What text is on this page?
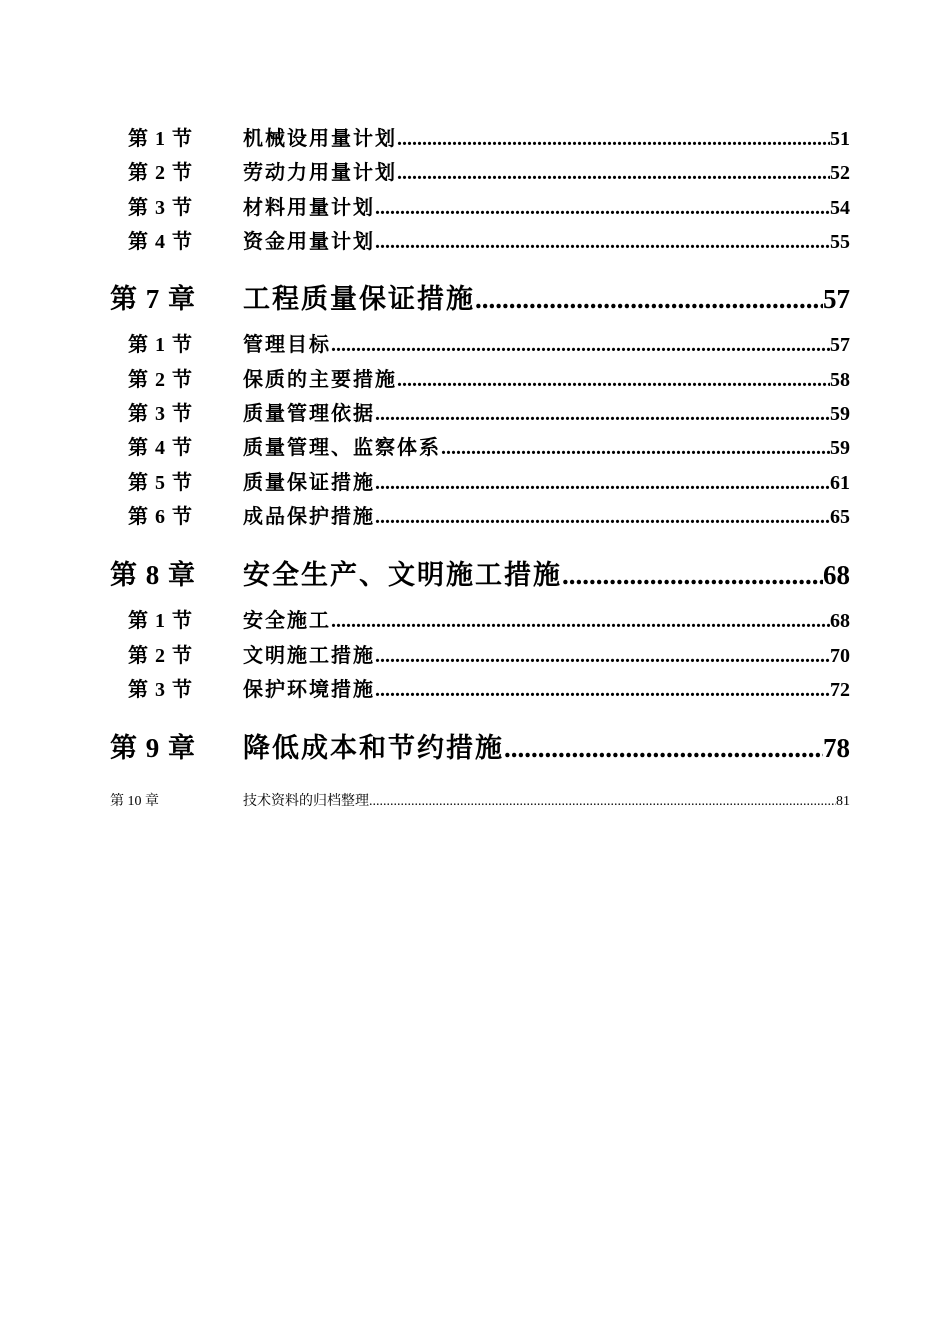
第 1 节	机械设用量计划 .....	51
第 2 节	劳动力用量计划 .....	52
第 3 节	材料用量计划 .....	54
第 4 节	资金用量计划 .....	55
第 7 章 工程质量保证措施 .....	57
第 1 节	管理目标 .....	57
第 2 节	保质的主要措施 .....	58
第 3 节	质量管理依据 .....	59
第 4 节	质量管理、监察体系 .....	59
第 5 节	质量保证措施 .....	61
第 6 节	成品保护措施 .....	65
第 8 章 安全生产、文明施工措施 .....	68
第 1 节	安全施工 .....	68
第 2 节	文明施工措施 .....	70
第 3 节	保护环境措施 .....	72
第 9 章 降低成本和节约措施 .....	78
第 10 章	技术资料的归档整理 .....	81
